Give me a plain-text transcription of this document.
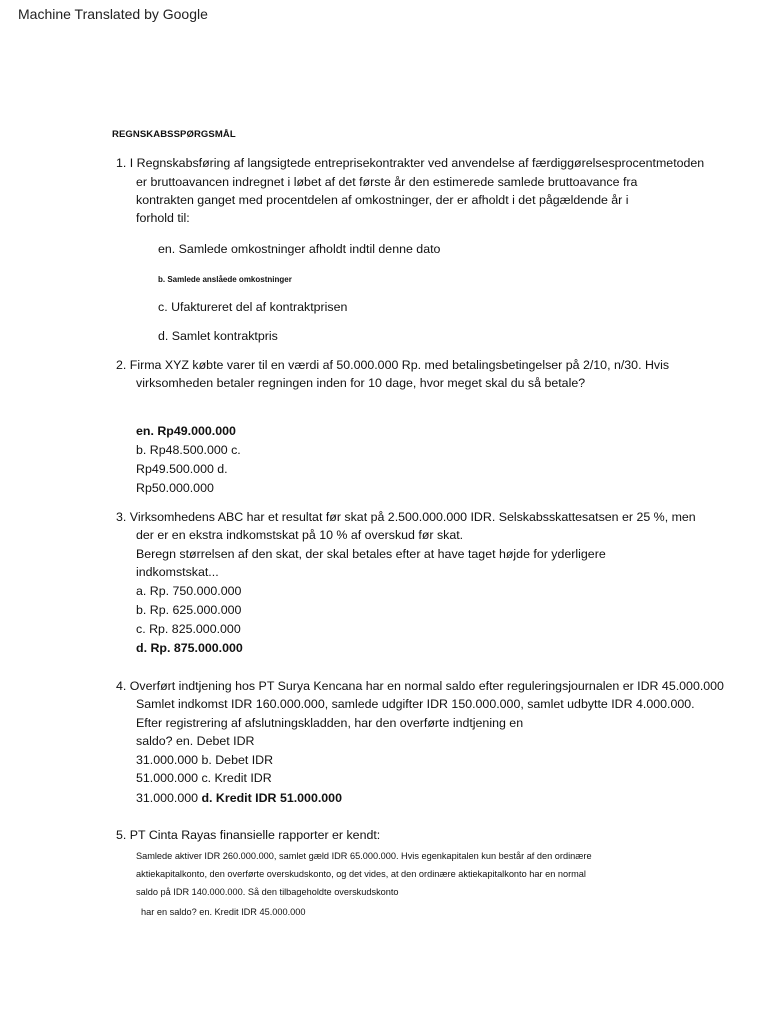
Machine Translated by Google
REGNSKABSSPØRGSMÅL
1. I Regnskabsføring af langsigtede entreprisekontrakter ved anvendelse af færdiggørelsesprocentmetoden
er bruttoavancen indregnet i løbet af det første år den estimerede samlede bruttoavance fra
kontrakten ganget med procentdelen af omkostninger, der er afholdt i det pågældende år i
forhold til:
en. Samlede omkostninger afholdt indtil denne dato
b. Samlede anslåede omkostninger
c. Ufaktureret del af kontraktprisen
d. Samlet kontraktpris
2. Firma XYZ købte varer til en værdi af 50.000.000 Rp. med betalingsbetingelser på 2/10, n/30. Hvis
virksomheden betaler regningen inden for 10 dage, hvor meget skal du så betale?
en. Rp49.000.000
b. Rp48.500.000 c.
Rp49.500.000 d.
Rp50.000.000
3. Virksomhedens ABC har et resultat før skat på 2.500.000.000 IDR. Selskabsskattesatsen er 25 %, men
der er en ekstra indkomstskat på 10 % af overskud før skat.
Beregn størrelsen af den skat, der skal betales efter at have taget højde for yderligere
indkomstskat...
a. Rp. 750.000.000
b. Rp. 625.000.000
c. Rp. 825.000.000
d. Rp. 875.000.000
4. Overført indtjening hos PT Surya Kencana har en normal saldo efter reguleringsjournalen er IDR 45.000.000
Samlet indkomst IDR 160.000.000, samlede udgifter IDR 150.000.000, samlet udbytte IDR 4.000.000.
Efter registrering af afslutningskladden, har den overførte indtjening en
saldo? en. Debet IDR
31.000.000 b. Debet IDR
51.000.000 c. Kredit IDR
31.000.000 d. Kredit IDR 51.000.000
5. PT Cinta Rayas finansielle rapporter er kendt:
Samlede aktiver IDR 260.000.000, samlet gæld IDR 65.000.000. Hvis egenkapitalen kun består af den ordinære
aktiekapitalkonto, den overførte overskudskonto, og det vides, at den ordinære aktiekapitalkonto har en normal
saldo på IDR 140.000.000. Så den tilbageholdte overskudskonto
har en saldo? en. Kredit IDR 45.000.000
